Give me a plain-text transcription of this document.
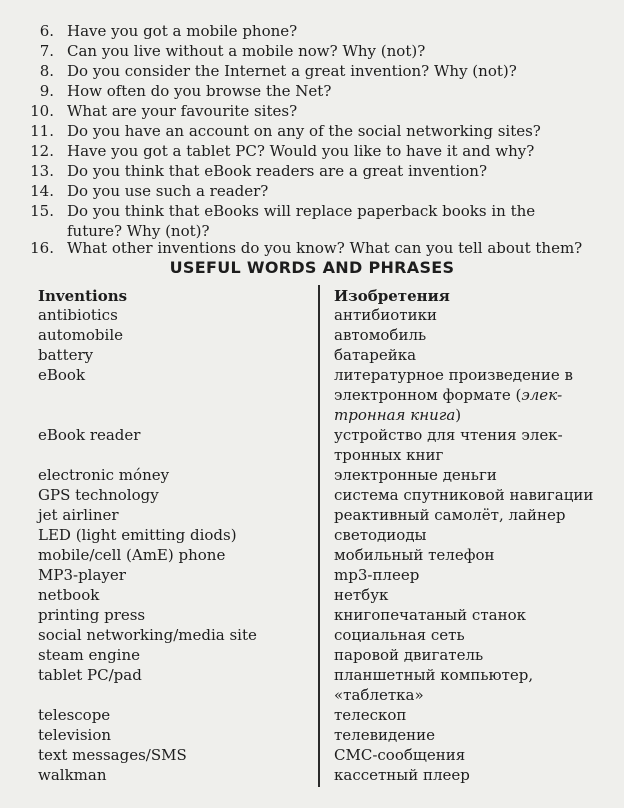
6. Have you got a mobile phone?
7. Can you live without a mobile now? Why (not)?
8. Do you consider the Internet a great invention? Why (not)?
9. How often do you browse the Net?
10. What are your favourite sites?
11. Do you have an account on any of the social networking sites?
12. Have you got a tablet PC? Would you like to have it and why?
13. Do you think that eBook readers are a great invention?
14. Do you use such a reader?
15. Do you think that eBooks will replace paperback books in the
future? Why (not)?
16. What other inventions do you know? What can you tell about them?
USEFUL WORDS AND PHRASES
Inventions	Изобретения
antibiotics	антибиотики
automobile	автомобиль
battery	батарейка
eBook	литературное произведение в
электронном формате (элек-
тронная книга)
eBook reader	устройство для чтения элек-
тронных книг
electronic móney	электронные деньги
GPS technology	система спутниковой навигации
jet airliner	реактивный самолёт, лайнер
LED (light emitting diods)	светодиоды
mobile/cell (AmE) phone	мобильный телефон
MP3-player	mp3-плеер
netbook	нетбук
printing press	книгопечатаный станок
social networking/media site	социальная сеть
steam engine	паровой двигатель
tablet PC/pad	планшетный компьютер,
«таблетка»
telescope	телескоп
television	телевидение
text messages/SMS	СМС-сообщения
walkman	кассетный плеер
